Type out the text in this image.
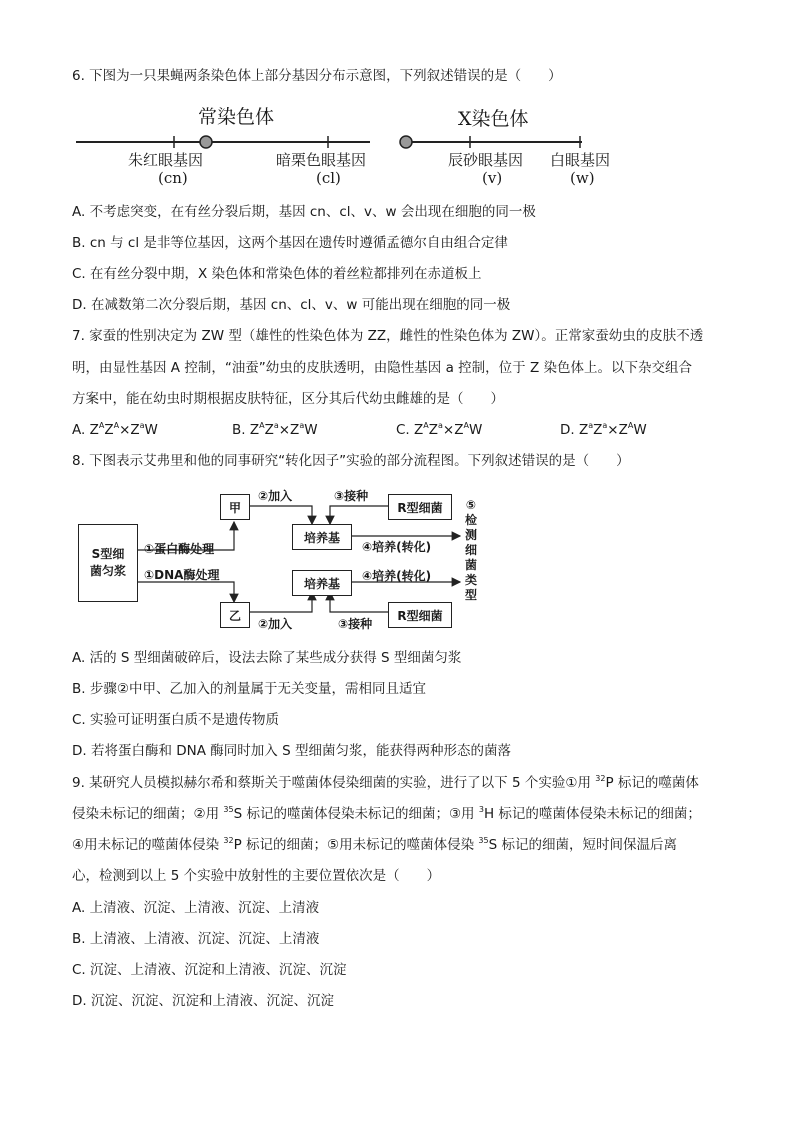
6. 下图为一只果蝇两条染色体上部分基因分布示意图，下列叙述错误的是（　　）
常染色体	X染色体
朱红眼基因
(cn)
暗栗色眼基因
(cl)
辰砂眼基因
(v)
白眼基因
(w)
A. 不考虑突变，在有丝分裂后期，基因 cn、cl、v、w 会出现在细胞的同一极
B. cn 与 cl 是非等位基因，这两个基因在遗传时遵循孟德尔自由组合定律
C. 在有丝分裂中期，X 染色体和常染色体的着丝粒都排列在赤道板上
D. 在减数第二次分裂后期，基因 cn、cl、v、w 可能出现在细胞的同一极
7. 家蚕的性别决定为 ZW 型（雄性的性染色体为 ZZ，雌性的性染色体为 ZW）。正常家蚕幼虫的皮肤不透
明，由显性基因 A 控制，“油蚕”幼虫的皮肤透明，由隐性基因 a 控制，位于 Z 染色体上。以下杂交组合
方案中，能在幼虫时期根据皮肤特征，区分其后代幼虫雌雄的是（　　）
A. $Z^AZ^A\times Z^aW$	B. $Z^AZ^a\times Z^aW$	C. $Z^AZ^a\times Z^AW$	D. $Z^aZ^a\times Z^AW$
8. 下图表示艾弗里和他的同事研究“转化因子”实验的部分流程图。下列叙述错误的是（　　）
S型细菌匀浆
甲
乙
培养基
培养基
R型细菌
R型细菌
①蛋白酶处理
①DNA酶处理
②加入
②加入
③接种
③接种
④培养(转化)
④培养(转化)
⑤
检
测
细
菌
类
型
A. 活的 S 型细菌破碎后，设法去除了某些成分获得 S 型细菌匀浆
B. 步骤②中甲、乙加入的剂量属于无关变量，需相同且适宜
C. 实验可证明蛋白质不是遗传物质
D. 若将蛋白酶和 DNA 酶同时加入 S 型细菌匀浆，能获得两种形态的菌落
9. 某研究人员模拟赫尔希和蔡斯关于噬菌体侵染细菌的实验，进行了以下 5 个实验①用 $^{32}$P 标记的噬菌体
侵染未标记的细菌；②用 $^{35}$S 标记的噬菌体侵染未标记的细菌；③用 $^3$H 标记的噬菌体侵染未标记的细菌；
④用未标记的噬菌体侵染 $^{32}$P 标记的细菌；⑤用未标记的噬菌体侵染 $^{35}$S 标记的细菌，短时间保温后离
心，检测到以上 5 个实验中放射性的主要位置依次是（　　）
A. 上清液、沉淀、上清液、沉淀、上清液
B. 上清液、上清液、沉淀、沉淀、上清液
C. 沉淀、上清液、沉淀和上清液、沉淀、沉淀
D. 沉淀、沉淀、沉淀和上清液、沉淀、沉淀
